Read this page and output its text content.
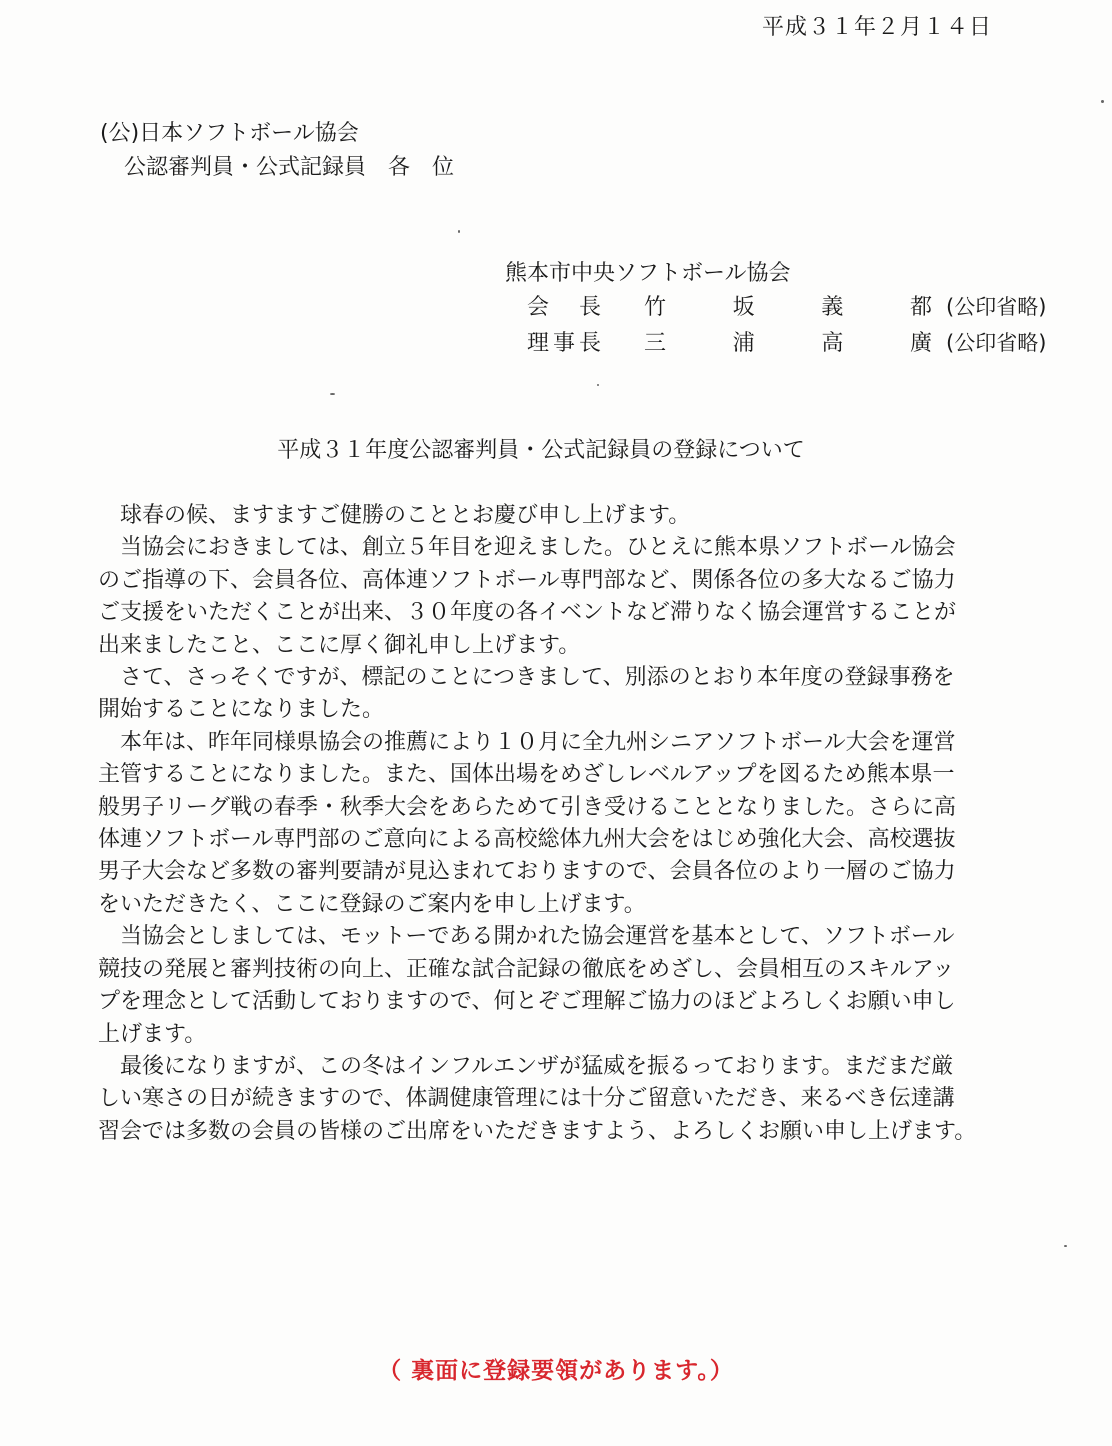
平成３１年２月１４日
(公)日本ソフトボール協会
公認審判員・公式記録員　各　位
熊本市中央ソフトボール協会
会　長	竹	坂	義	都 (公印省略)
理事長	三	浦	高	廣 (公印省略)
平成３１年度公認審判員・公式記録員の登録について

　球春の候、ますますご健勝のこととお慶び申し上げます。

　当協会におきましては、創立５年目を迎えました。ひとえに熊本県ソフトボール協会

のご指導の下、会員各位、高体連ソフトボール専門部など、関係各位の多大なるご協力

ご支援をいただくことが出来、３０年度の各イベントなど滞りなく協会運営することが

出来ましたこと、ここに厚く御礼申し上げます。

　さて、さっそくですが、標記のことにつきまして、別添のとおり本年度の登録事務を

開始することになりました。

　本年は、昨年同様県協会の推薦により１０月に全九州シニアソフトボール大会を運営

主管することになりました。また、国体出場をめざしレベルアップを図るため熊本県一

般男子リーグ戦の春季・秋季大会をあらためて引き受けることとなりました。さらに高

体連ソフトボール専門部のご意向による高校総体九州大会をはじめ強化大会、高校選抜

男子大会など多数の審判要請が見込まれておりますので、会員各位のより一層のご協力

をいただきたく、ここに登録のご案内を申し上げます。

　当協会としましては、モットーである開かれた協会運営を基本として、ソフトボール

競技の発展と審判技術の向上、正確な試合記録の徹底をめざし、会員相互のスキルアッ

プを理念として活動しておりますので、何とぞご理解ご協力のほどよろしくお願い申し

上げます。

　最後になりますが、この冬はインフルエンザが猛威を振るっております。まだまだ厳

しい寒さの日が続きますので、体調健康管理には十分ご留意いただき、来るべき伝達講

習会では多数の会員の皆様のご出席をいただきますよう、よろしくお願い申し上げます。

（ 裏面に登録要領があります。）
